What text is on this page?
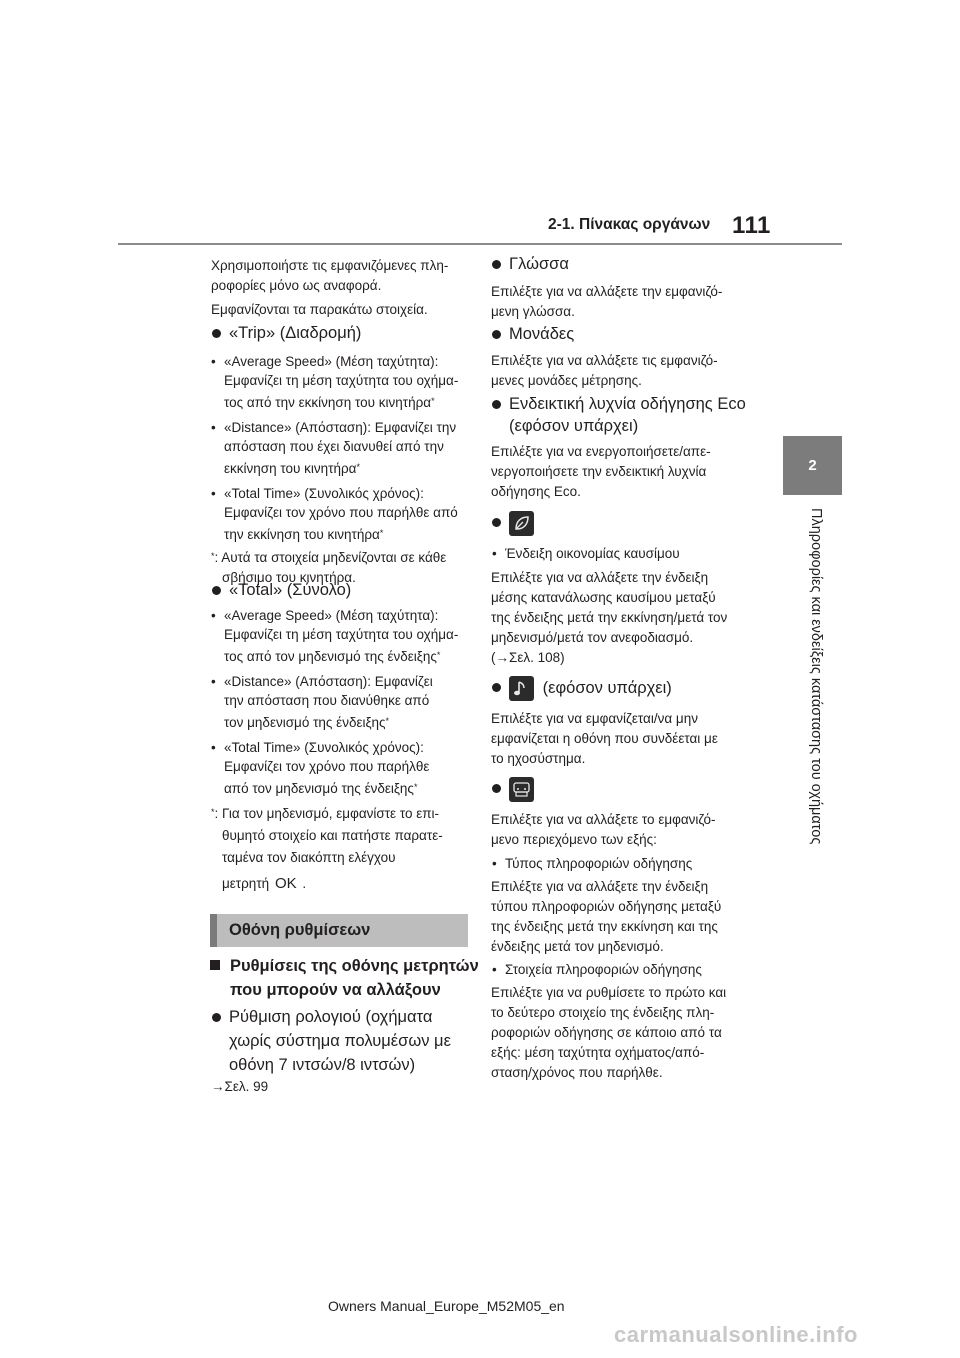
2-1. Πίνακας οργάνων 111
2
Πληροφορίες και ενδείξεις κατάστασης του οχήματος
Χρησιμοποιήστε τις εμφανιζόμενες πλη-
ροφορίες μόνο ως αναφορά.
Εμφανίζονται τα παρακάτω στοιχεία.
«Trip» (Διαδρομή)
• «Average Speed» (Μέση ταχύτητα):
Εμφανίζει τη μέση ταχύτητα του οχήμα-
τος από την εκκίνηση του κινητήρα*
• «Distance» (Απόσταση): Εμφανίζει την
απόσταση που έχει διανυθεί από την
εκκίνηση του κινητήρα*
• «Total Time» (Συνολικός χρόνος):
Εμφανίζει τον χρόνο που παρήλθε από
την εκκίνηση του κινητήρα*
*: Αυτά τα στοιχεία μηδενίζονται σε κάθε
σβήσιμο του κινητήρα.
«Total» (Σύνολο)
• «Average Speed» (Μέση ταχύτητα):
Εμφανίζει τη μέση ταχύτητα του οχήμα-
τος από τον μηδενισμό της ένδειξης*
• «Distance» (Απόσταση): Εμφανίζει
την απόσταση που διανύθηκε από
τον μηδενισμό της ένδειξης*
• «Total Time» (Συνολικός χρόνος):
Εμφανίζει τον χρόνο που παρήλθε
από τον μηδενισμό της ένδειξης*
*: Για τον μηδενισμό, εμφανίστε το επι-
θυμητό στοιχείο και πατήστε παρατε-
ταμένα τον διακόπτη ελέγχου
μετρητή OK .
Οθόνη ρυθμίσεων
Ρυθμίσεις της οθόνης μετρητών
που μπορούν να αλλάξουν
Ρύθμιση ρολογιού (οχήματα
χωρίς σύστημα πολυμέσων με
οθόνη 7 ιντσών/8 ιντσών)
→Σελ. 99
Γλώσσα
Επιλέξτε για να αλλάξετε την εμφανιζό-
μενη γλώσσα.
Μονάδες
Επιλέξτε για να αλλάξετε τις εμφανιζό-
μενες μονάδες μέτρησης.
Ενδεικτική λυχνία οδήγησης Eco
(εφόσον υπάρχει)
Επιλέξτε για να ενεργοποιήσετε/απε-
νεργοποιήσετε την ενδεικτική λυχνία
οδήγησης Eco.
• Ένδειξη οικονομίας καυσίμου
Επιλέξτε για να αλλάξετε την ένδειξη
μέσης κατανάλωσης καυσίμου μεταξύ
της ένδειξης μετά την εκκίνηση/μετά τον
μηδενισμό/μετά τον ανεφοδιασμό.
(→Σελ. 108)
(εφόσον υπάρχει)
Επιλέξτε για να εμφανίζεται/να μην
εμφανίζεται η οθόνη που συνδέεται με
το ηχοσύστημα.
Επιλέξτε για να αλλάξετε το εμφανιζό-
μενο περιεχόμενο των εξής:
• Τύπος πληροφοριών οδήγησης
Επιλέξτε για να αλλάξετε την ένδειξη
τύπου πληροφοριών οδήγησης μεταξύ
της ένδειξης μετά την εκκίνηση και της
ένδειξης μετά τον μηδενισμό.
• Στοιχεία πληροφοριών οδήγησης
Επιλέξτε για να ρυθμίσετε το πρώτο και
το δεύτερο στοιχείο της ένδειξης πλη-
ροφοριών οδήγησης σε κάποιο από τα
εξής: μέση ταχύτητα οχήματος/από-
σταση/χρόνος που παρήλθε.
Owners Manual_Europe_M52M05_en
carmanualsonline.info
